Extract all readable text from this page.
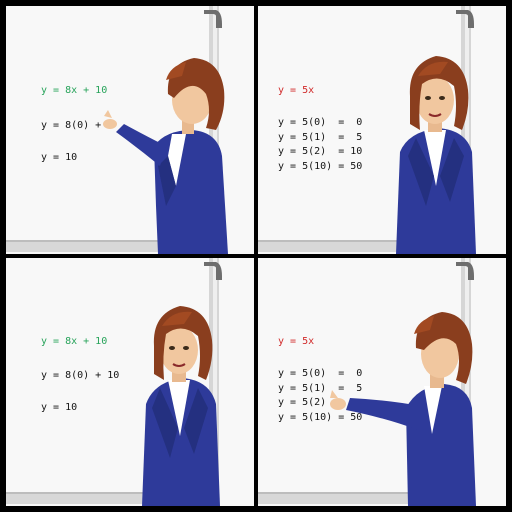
y = 8x + 10
y = 8(0) +
y = 10
y = 5x
y = 5(0)  =  0
y = 5(1)  =  5
y = 5(2)  = 10
y = 5(10) = 50
y = 8x + 10
y = 8(0) + 10
y = 10
y = 5x
y = 5(0)  =  0
y = 5(1)  =  5
y = 5(2)
y = 5(10) = 50
